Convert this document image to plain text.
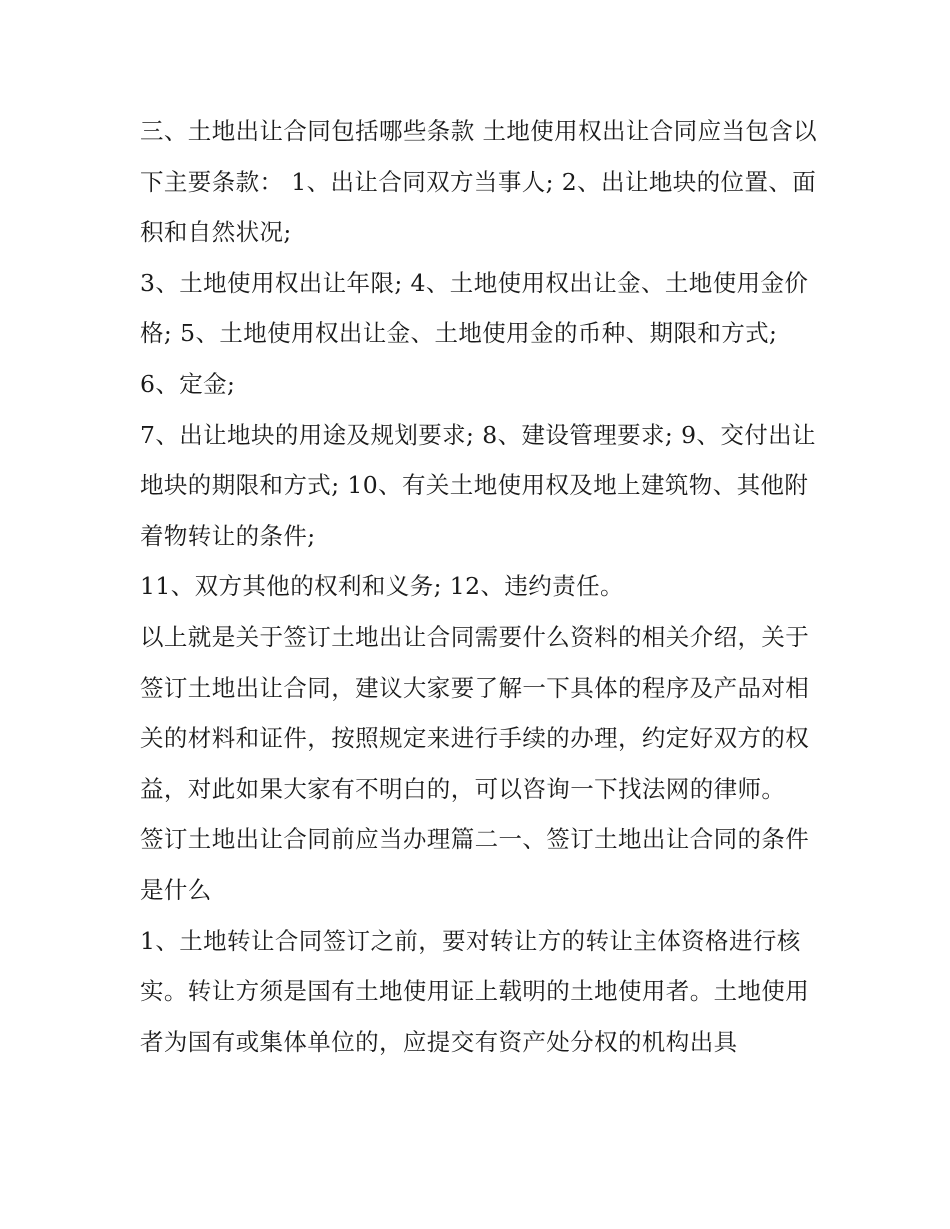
三、土地出让合同包括哪些条款 土地使用权出让合同应当包含以下主要条款： 1、出让合同双方当事人; 2、出让地块的位置、面积和自然状况;

3、土地使用权出让年限; 4、土地使用权出让金、土地使用金价格; 5、土地使用权出让金、土地使用金的币种、期限和方式; 6、定金;

7、出让地块的用途及规划要求; 8、建设管理要求; 9、交付出让地块的期限和方式; 10、有关土地使用权及地上建筑物、其他附着物转让的条件;

11、双方其他的权利和义务; 12、违约责任。

以上就是关于签订土地出让合同需要什么资料的相关介绍，关于签订土地出让合同，建议大家要了解一下具体的程序及产品对相关的材料和证件，按照规定来进行手续的办理，约定好双方的权益，对此如果大家有不明白的，可以咨询一下找法网的律师。

签订土地出让合同前应当办理篇二一、签订土地出让合同的条件是什么

1、土地转让合同签订之前，要对转让方的转让主体资格进行核实。转让方须是国有土地使用证上载明的土地使用者。土地使用者为国有或集体单位的，应提交有资产处分权的机构出具
